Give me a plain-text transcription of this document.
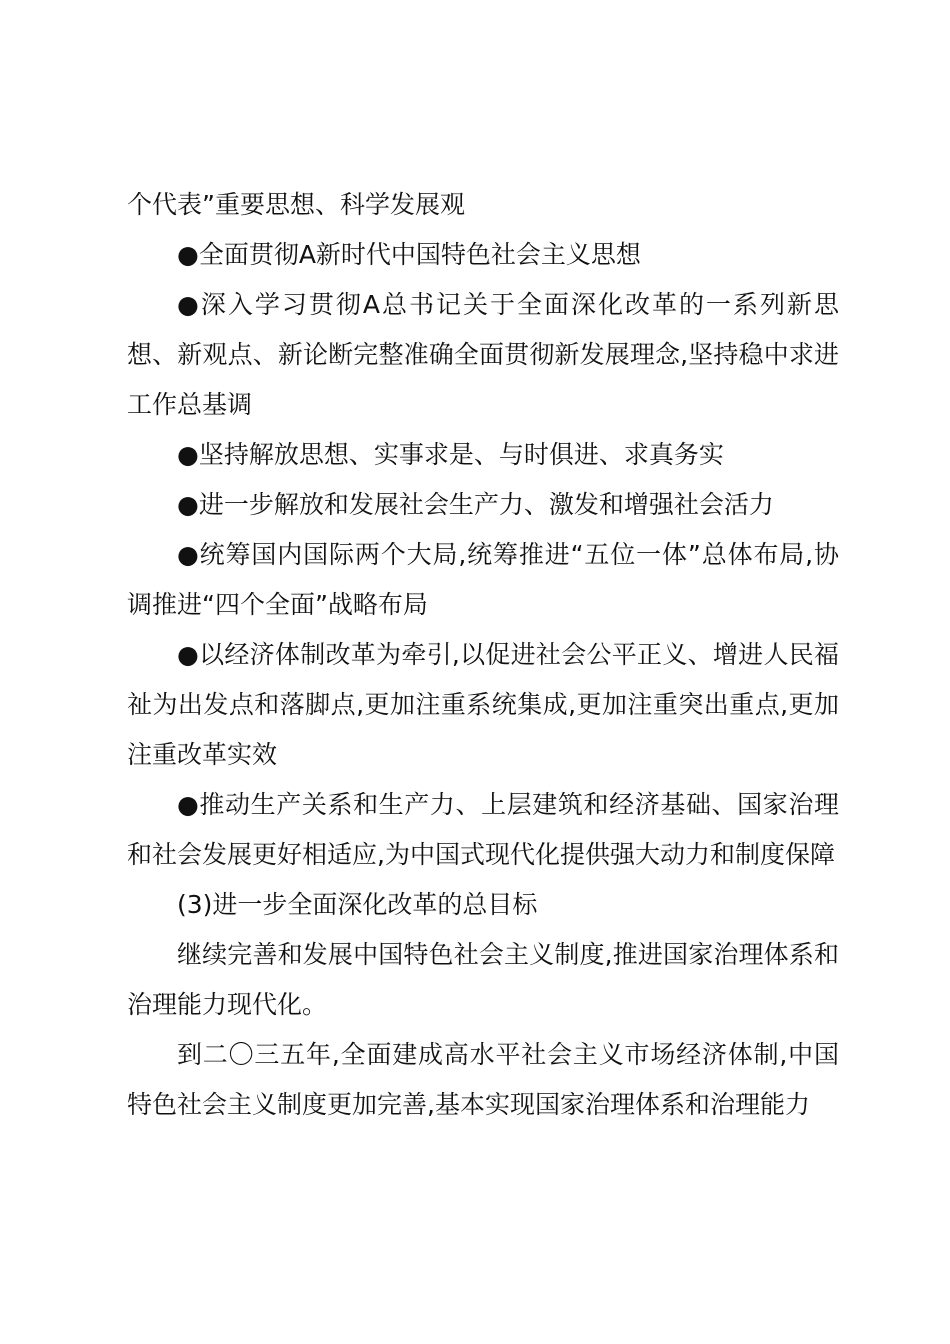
个代表”重要思想、科学发展观

●全面贯彻A新时代中国特色社会主义思想

●深入学习贯彻A总书记关于全面深化改革的一系列新思想、新观点、新论断完整准确全面贯彻新发展理念,坚持稳中求进工作总基调

●坚持解放思想、实事求是、与时俱进、求真务实

●进一步解放和发展社会生产力、激发和增强社会活力

●统筹国内国际两个大局,统筹推进“五位一体”总体布局,协调推进“四个全面”战略布局

●以经济体制改革为牵引,以促进社会公平正义、增进人民福祉为出发点和落脚点,更加注重系统集成,更加注重突出重点,更加注重改革实效

●推动生产关系和生产力、上层建筑和经济基础、国家治理和社会发展更好相适应,为中国式现代化提供强大动力和制度保障

(3)进一步全面深化改革的总目标

继续完善和发展中国特色社会主义制度,推进国家治理体系和治理能力现代化。

到二〇三五年,全面建成高水平社会主义市场经济体制,中国特色社会主义制度更加完善,基本实现国家治理体系和治理能力
